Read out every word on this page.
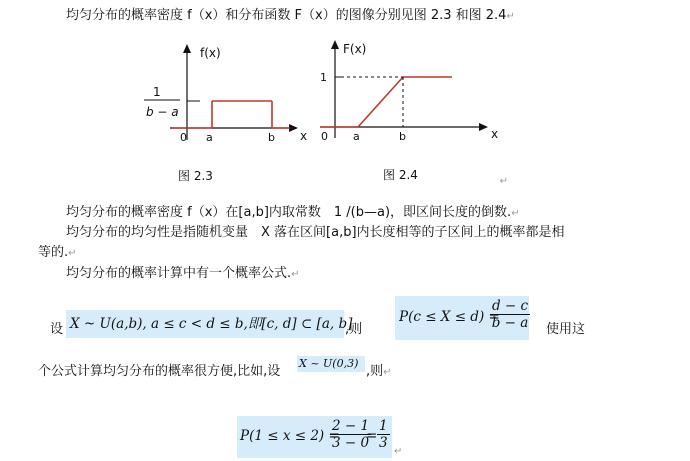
均匀分布的概率密度 f（x）和分布函数 F（x）的图像分别见图 2.3 和图 2.4↵
f(x)
1
b − a
0 a	b x
图 2.3
F(x)
1
0 a	b	x
图 2.4	↵
均匀分布的概率密度 f（x）在[a,b]内取常数　1 /(b—a)，即区间长度的倒数.↵
均匀分布的均匀性是指随机变量　X 落在区间[a,b]内长度相等的子区间上的概率都是相
等的.↵
均匀分布的概率计算中有一个概率公式.↵
设 X ~ U(a,b), a ≤ c < d ≤ b,即[c, d] ⊂ [a, b]
,则
P(c ≤ X ≤ d) =
$\frac{d - c}{b - a}$ 使用这
个公式计算均匀分布的概率很方便,比如,设
X ~ U(0,3)
,则↵
P(1 ≤ x ≤ 2) =
$\frac{2 - 1}{3 - 0}$
= $\frac{1}{3}$
↵
